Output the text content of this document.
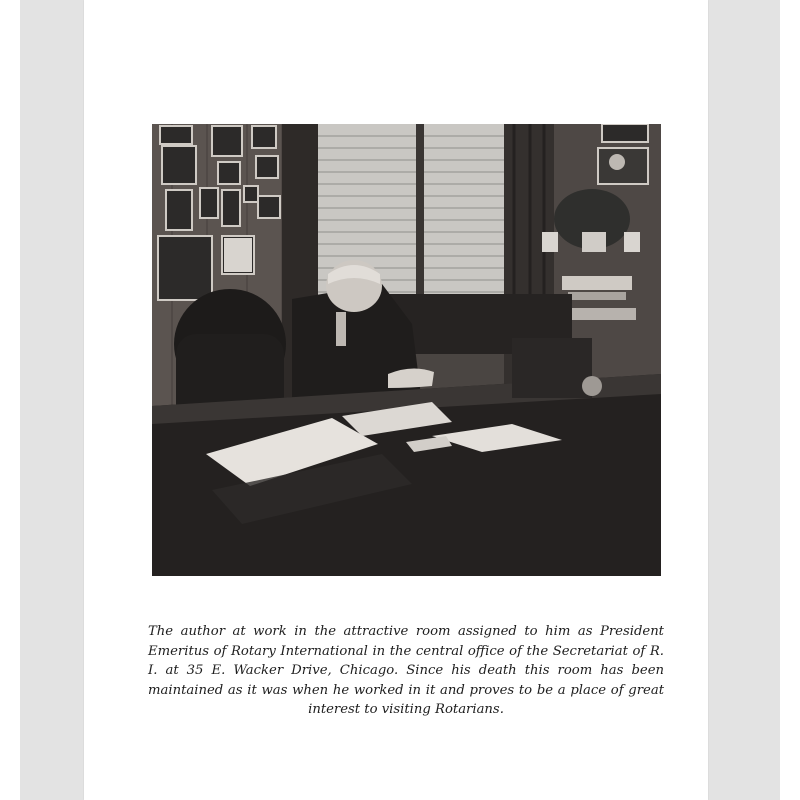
The author at work in the attractive room assigned to him as President Emeritus of Rotary International in the central office of the Secretariat of R. I. at 35 E. Wacker Drive, Chicago. Since his death this room has been maintained as it was when he worked in it and proves to be a place of great interest to visiting Rotarians.
